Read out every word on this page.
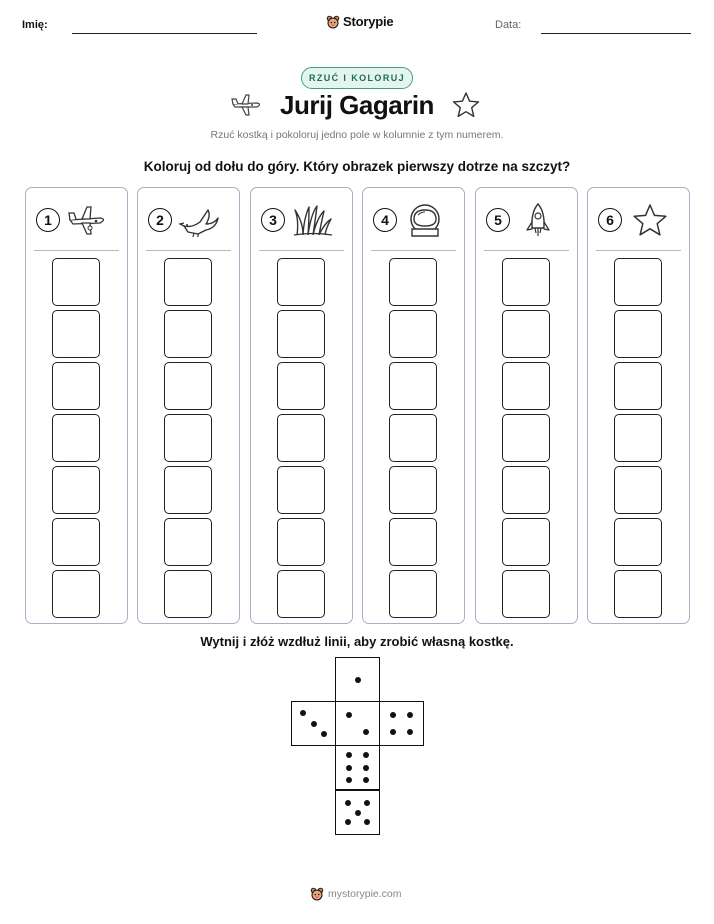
Imię:	Storypie	Data:
RZUĆ I KOLORUJ
Jurij Gagarin
Rzuć kostką i pokoloruj jedno pole w kolumnie z tym numerem.
Koloruj od dołu do góry. Który obrazek pierwszy dotrze na szczyt?
1	2	3	4	5	6
Wytnij i złóż wzdłuż linii, aby zrobić własną kostkę.
mystorypie.com
